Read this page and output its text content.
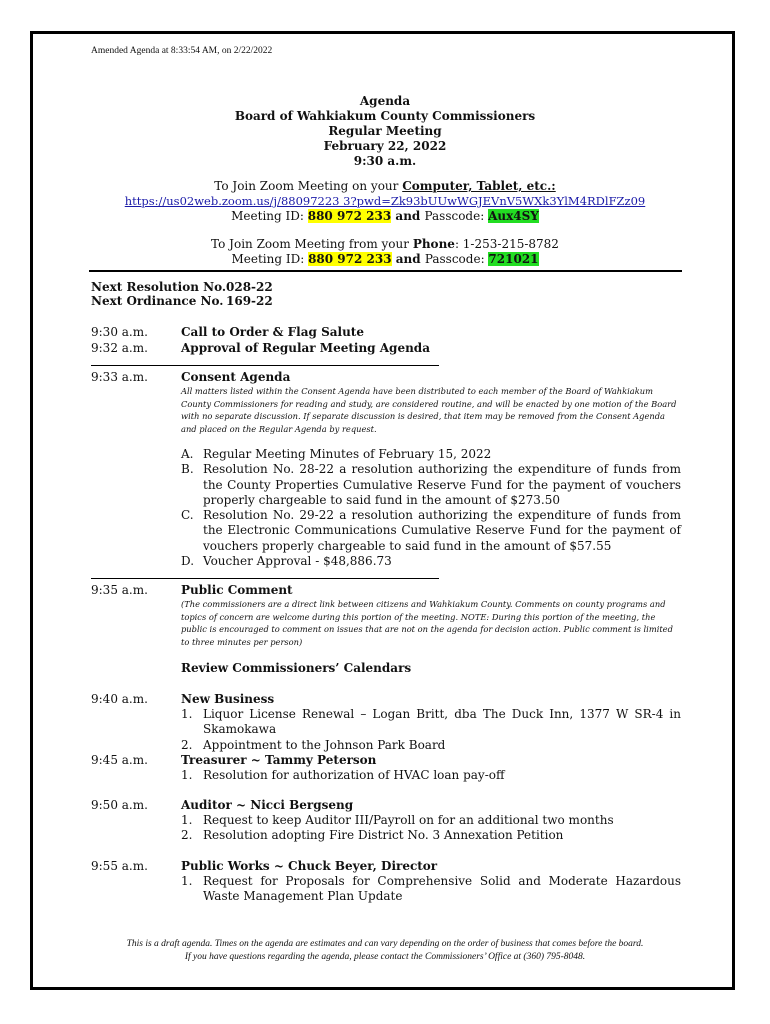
Amended Agenda at 8:33:54 AM, on 2/22/2022
Agenda
Board of Wahkiakum County Commissioners
Regular Meeting
February 22, 2022
9:30 a.m.
To Join Zoom Meeting on your Computer, Tablet, etc.:
https://us02web.zoom.us/j/88097223 3?pwd=Zk93bUUwWGJEVnV5WXk3YlM4RDlFZz09
Meeting ID: 880 972 233 and Passcode: Aux4SY
To Join Zoom Meeting from your Phone: 1-253-215-8782
Meeting ID: 880 972 233 and Passcode: 721021
Next Resolution No. 028-22
Next Ordinance No. 169-22
9:30 a.m.	Call to Order & Flag Salute
9:32 a.m.	Approval of Regular Meeting Agenda
9:33 a.m.	Consent Agenda
All matters listed within the Consent Agenda have been distributed to each member of the Board of Wahkiakum County Commissioners for reading and study, are considered routine, and will be enacted by one motion of the Board with no separate discussion. If separate discussion is desired, that item may be removed from the Consent Agenda and placed on the Regular Agenda by request.
A. Regular Meeting Minutes of February 15, 2022
B. Resolution No. 28-22 a resolution authorizing the expenditure of funds from the County Properties Cumulative Reserve Fund for the payment of vouchers properly chargeable to said fund in the amount of $273.50
C. Resolution No. 29-22 a resolution authorizing the expenditure of funds from the Electronic Communications Cumulative Reserve Fund for the payment of vouchers properly chargeable to said fund in the amount of $57.55
D. Voucher Approval - $48,886.73
9:35 a.m.	Public Comment
(The commissioners are a direct link between citizens and Wahkiakum County. Comments on county programs and topics of concern are welcome during this portion of the meeting. NOTE: During this portion of the meeting, the public is encouraged to comment on issues that are not on the agenda for decision action. Public comment is limited to three minutes per person)
Review Commissioners’ Calendars
9:40 a.m.	New Business
1. Liquor License Renewal – Logan Britt, dba The Duck Inn, 1377 W SR-4 in Skamokawa
2. Appointment to the Johnson Park Board
9:45 a.m.	Treasurer ~ Tammy Peterson
1. Resolution for authorization of HVAC loan pay-off
9:50 a.m.	Auditor ~ Nicci Bergseng
1. Request to keep Auditor III/Payroll on for an additional two months
2. Resolution adopting Fire District No. 3 Annexation Petition
9:55 a.m.	Public Works ~ Chuck Beyer, Director
1. Request for Proposals for Comprehensive Solid and Moderate Hazardous Waste Management Plan Update
This is a draft agenda. Times on the agenda are estimates and can vary depending on the order of business that comes before the board.
If you have questions regarding the agenda, please contact the Commissioners’ Office at (360) 795-8048.
